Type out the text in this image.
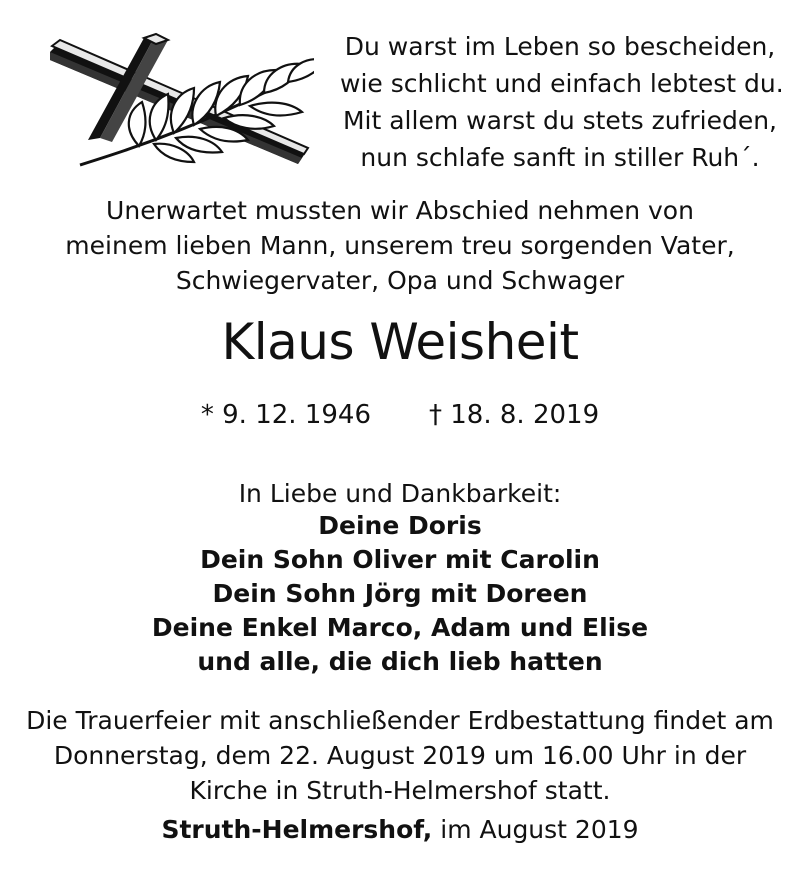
Du warst im Leben so bescheiden,
wie schlicht und einfach lebtest du.
Mit allem warst du stets zufrieden,
nun schlafe sanft in stiller Ruh´.
Unerwartet mussten wir Abschied nehmen von
meinem lieben Mann, unserem treu sorgenden Vater,
Schwiegervater, Opa und Schwager
Klaus Weisheit
* 9. 12. 1946 † 18. 8. 2019
In Liebe und Dankbarkeit:
Deine Doris
Dein Sohn Oliver mit Carolin
Dein Sohn Jörg mit Doreen
Deine Enkel Marco, Adam und Elise
und alle, die dich lieb hatten
Die Trauerfeier mit anschließender Erdbestattung findet am
Donnerstag, dem 22. August 2019 um 16.00 Uhr in der
Kirche in Struth-Helmershof statt.
Struth-Helmershof, im August 2019
